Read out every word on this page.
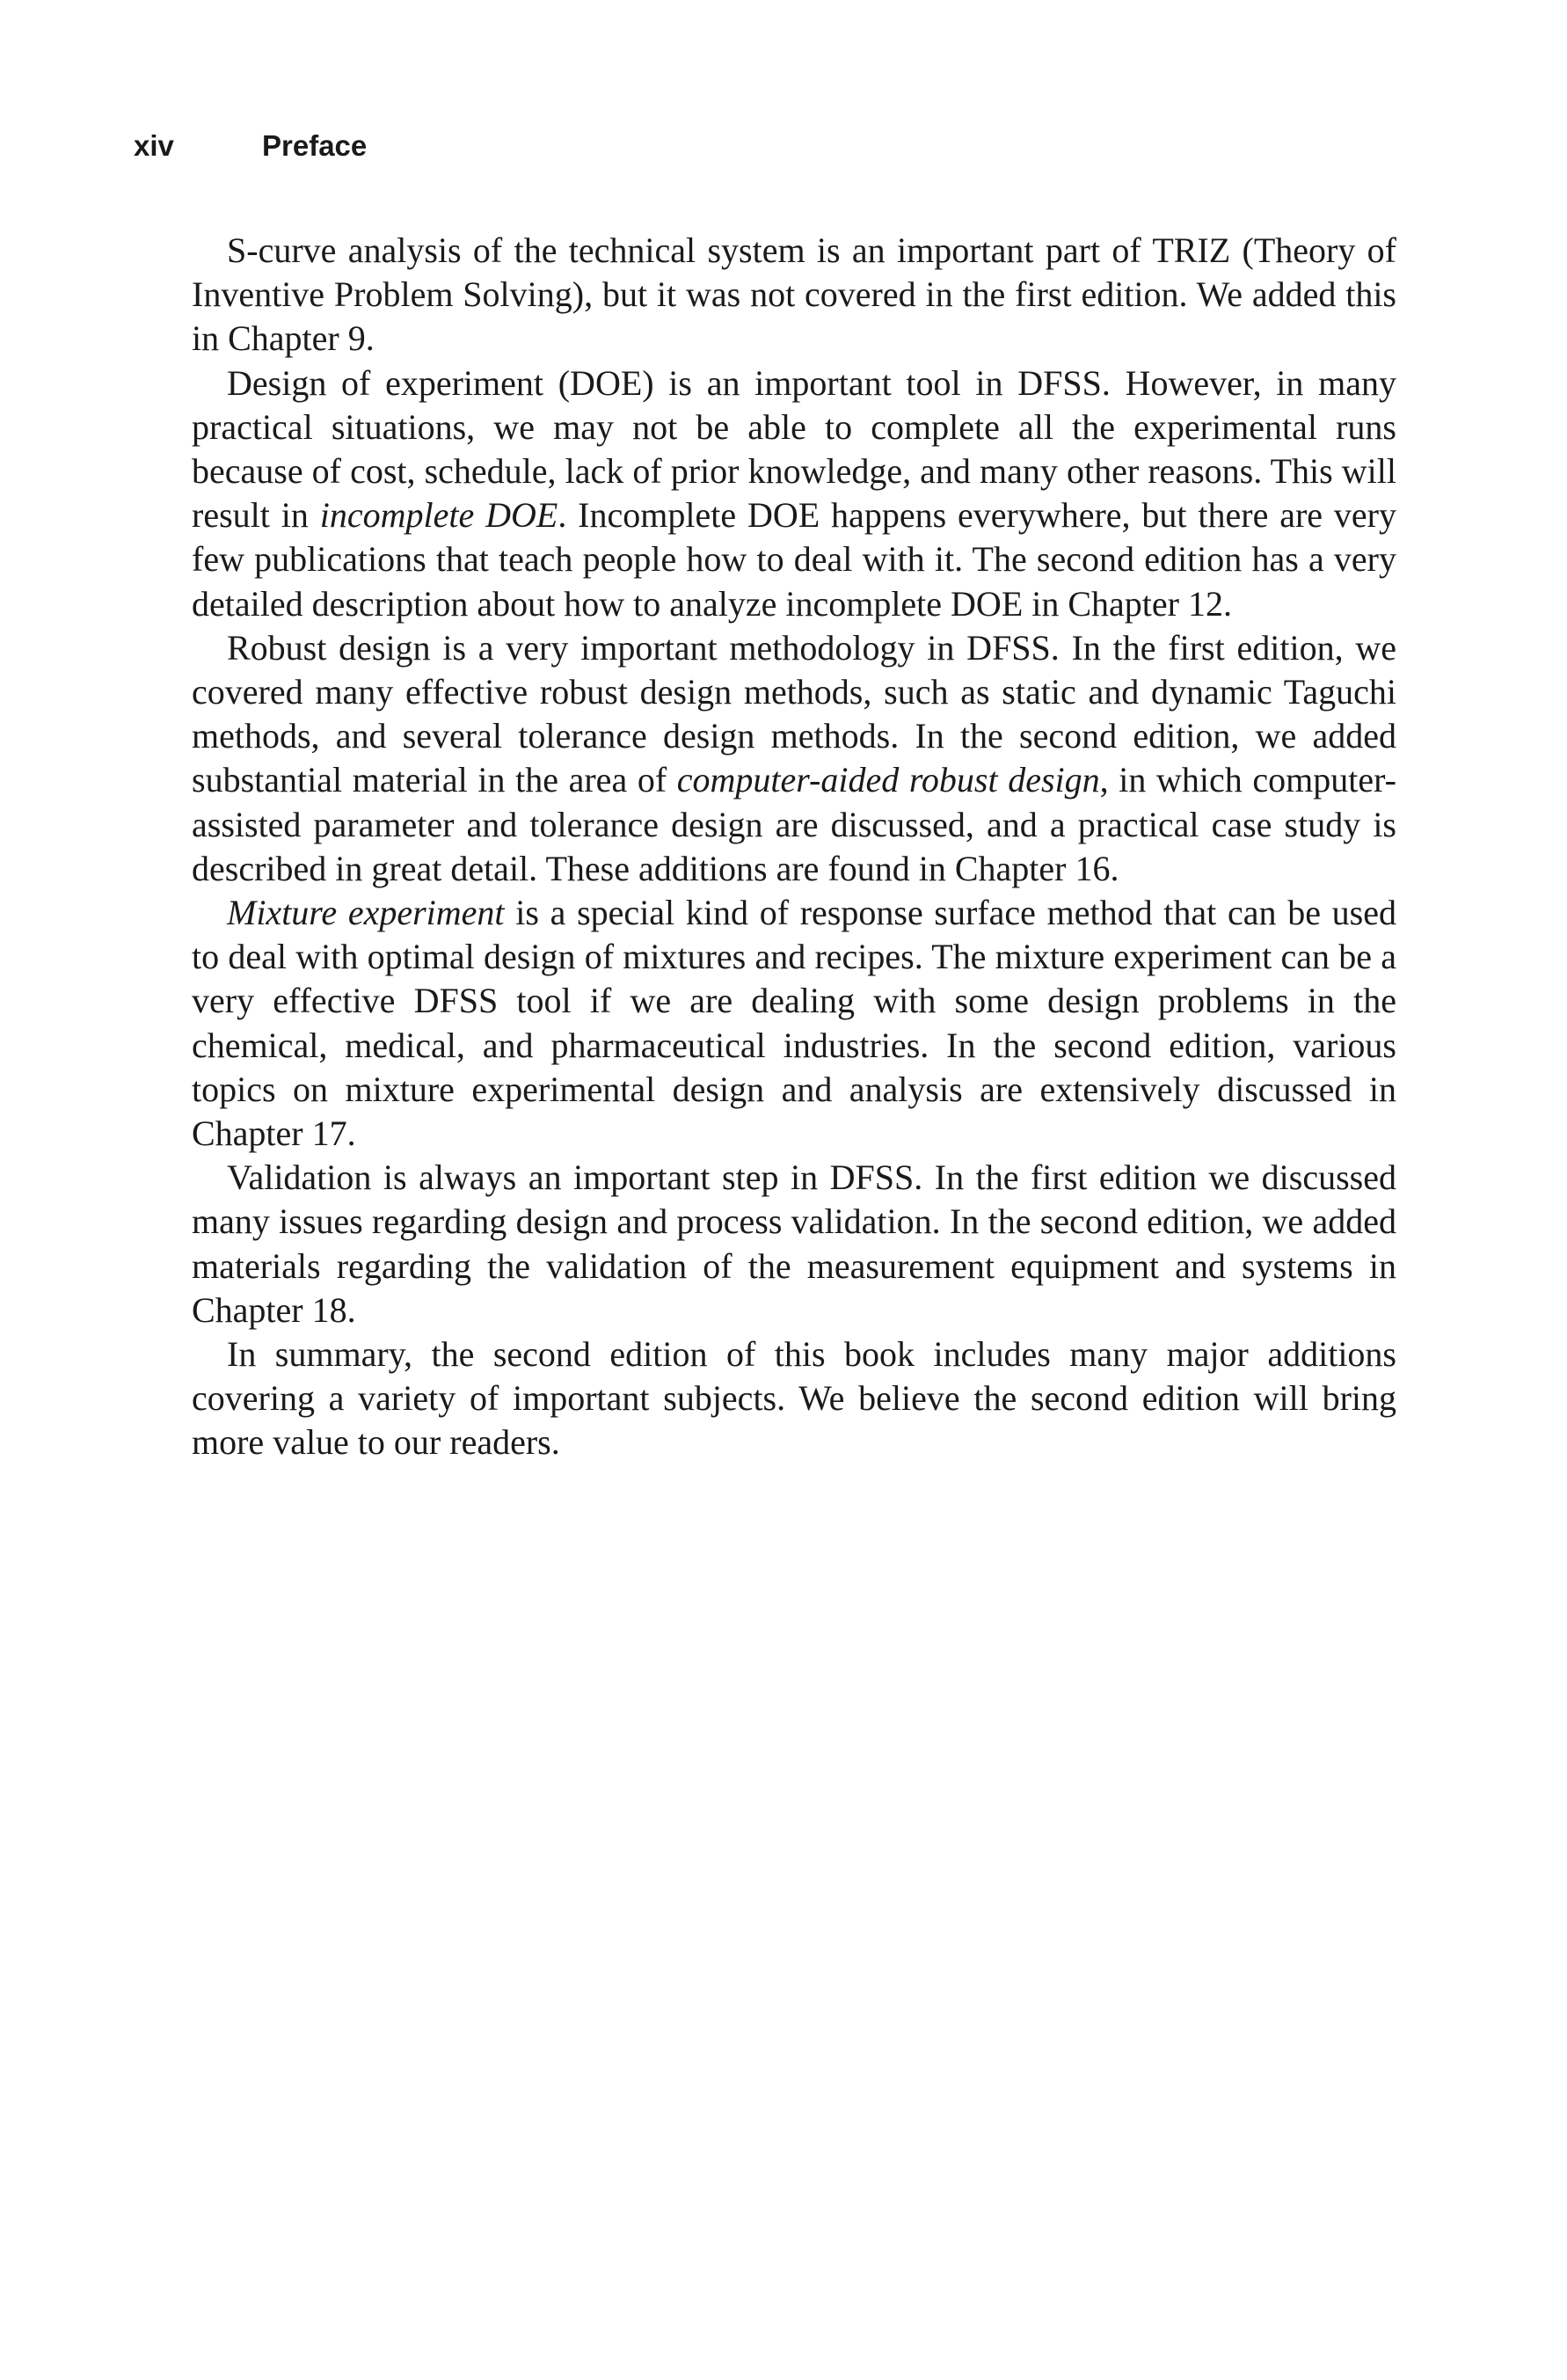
xiv	Preface

S-curve analysis of the technical system is an important part of TRIZ (Theory of Inventive Problem Solving), but it was not covered in the first edition. We added this in Chapter 9.

Design of experiment (DOE) is an important tool in DFSS. However, in many practical situations, we may not be able to complete all the experimental runs because of cost, schedule, lack of prior knowledge, and many other reasons. This will result in incomplete DOE. Incomplete DOE happens everywhere, but there are very few publications that teach people how to deal with it. The second edition has a very detailed description about how to analyze incomplete DOE in Chapter 12.

Robust design is a very important methodology in DFSS. In the first edition, we covered many effective robust design methods, such as static and dynamic Taguchi methods, and several tolerance design methods. In the second edition, we added substantial material in the area of computer-aided robust design, in which computer-assisted parameter and tolerance design are discussed, and a practical case study is described in great detail. These additions are found in Chapter 16.

Mixture experiment is a special kind of response surface method that can be used to deal with optimal design of mixtures and recipes. The mixture experiment can be a very effective DFSS tool if we are dealing with some design problems in the chemical, medical, and pharmaceutical industries. In the second edition, various topics on mixture experimental design and analysis are extensively discussed in Chapter 17.

Validation is always an important step in DFSS. In the first edition we discussed many issues regarding design and process validation. In the second edition, we added materials regarding the validation of the measurement equipment and systems in Chapter 18.

In summary, the second edition of this book includes many major additions covering a variety of important subjects. We believe the second edition will bring more value to our readers.
